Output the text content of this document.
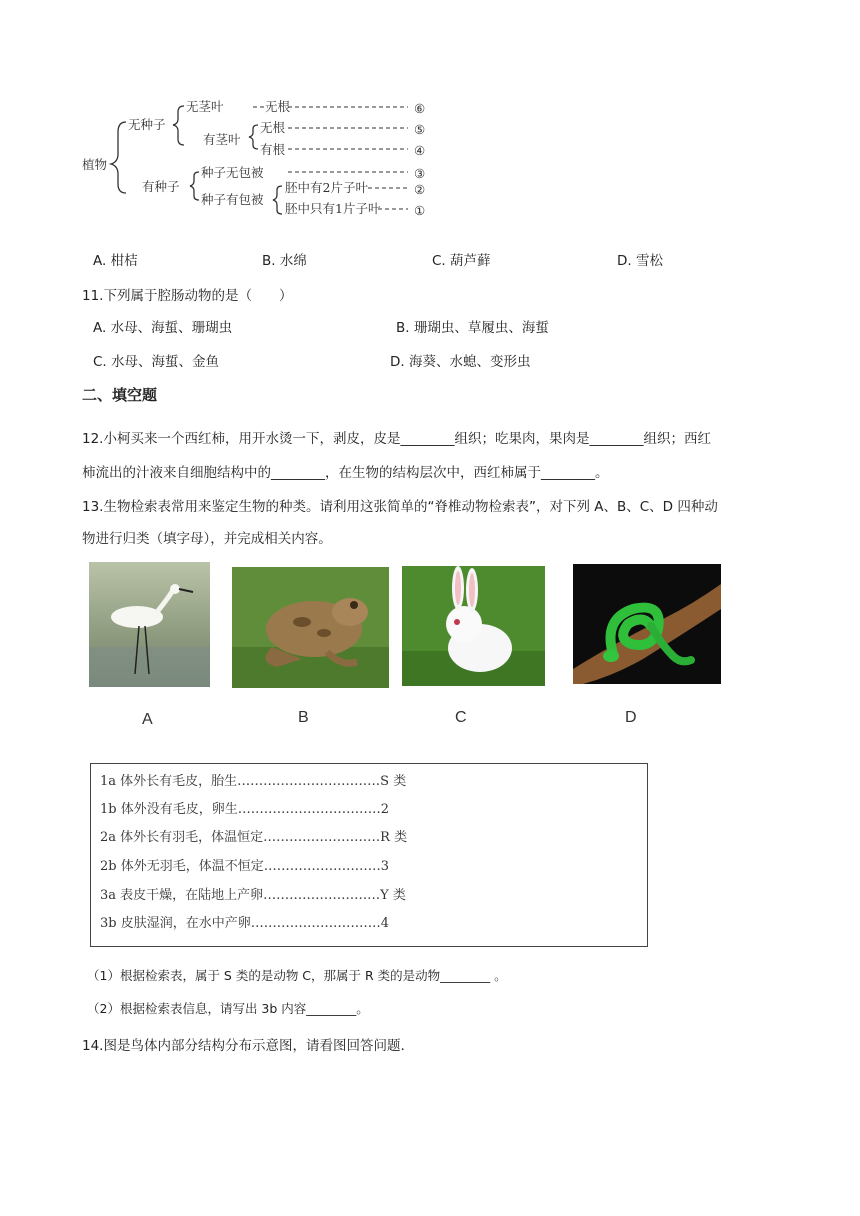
植物
无种子
有种子
无茎叶	无根
有茎叶
无根
有根
种子无包被
种子有包被
胚中有2片子叶
胚中只有1片子叶
⑥
⑤
④
③
②
①
A. 柑桔	B. 水绵	C. 葫芦藓	D. 雪松
11.下列属于腔肠动物的是（　　）
A. 水母、海蜇、珊瑚虫	B. 珊瑚虫、草履虫、海蜇
C. 水母、海蜇、金鱼	D. 海葵、水螅、变形虫
二、填空题
12.小柯买来一个西红柿，用开水烫一下，剥皮，皮是________组织；吃果肉，果肉是________组织；西红
柿流出的汁液来自细胞结构中的________，在生物的结构层次中，西红柿属于________。
13.生物检索表常用来鉴定生物的种类。请利用这张简单的“脊椎动物检索表”，对下列 A、B、C、D 四种动
物进行归类（填字母），并完成相关内容。
A	B	C	D
1a 体外长有毛皮，胎生……………………………S 类
1b 体外没有毛皮，卵生……………………………2
2a 体外长有羽毛，体温恒定………………………R 类
2b 体外无羽毛，体温不恒定………………………3
3a 表皮干燥，在陆地上产卵………………………Y 类
3b 皮肤湿润，在水中产卵…………………………4
（1）根据检索表，属于 S 类的是动物 C，那属于 R 类的是动物________ 。
（2）根据检索表信息，请写出 3b 内容________。
14.图是鸟体内部分结构分布示意图，请看图回答问题.
